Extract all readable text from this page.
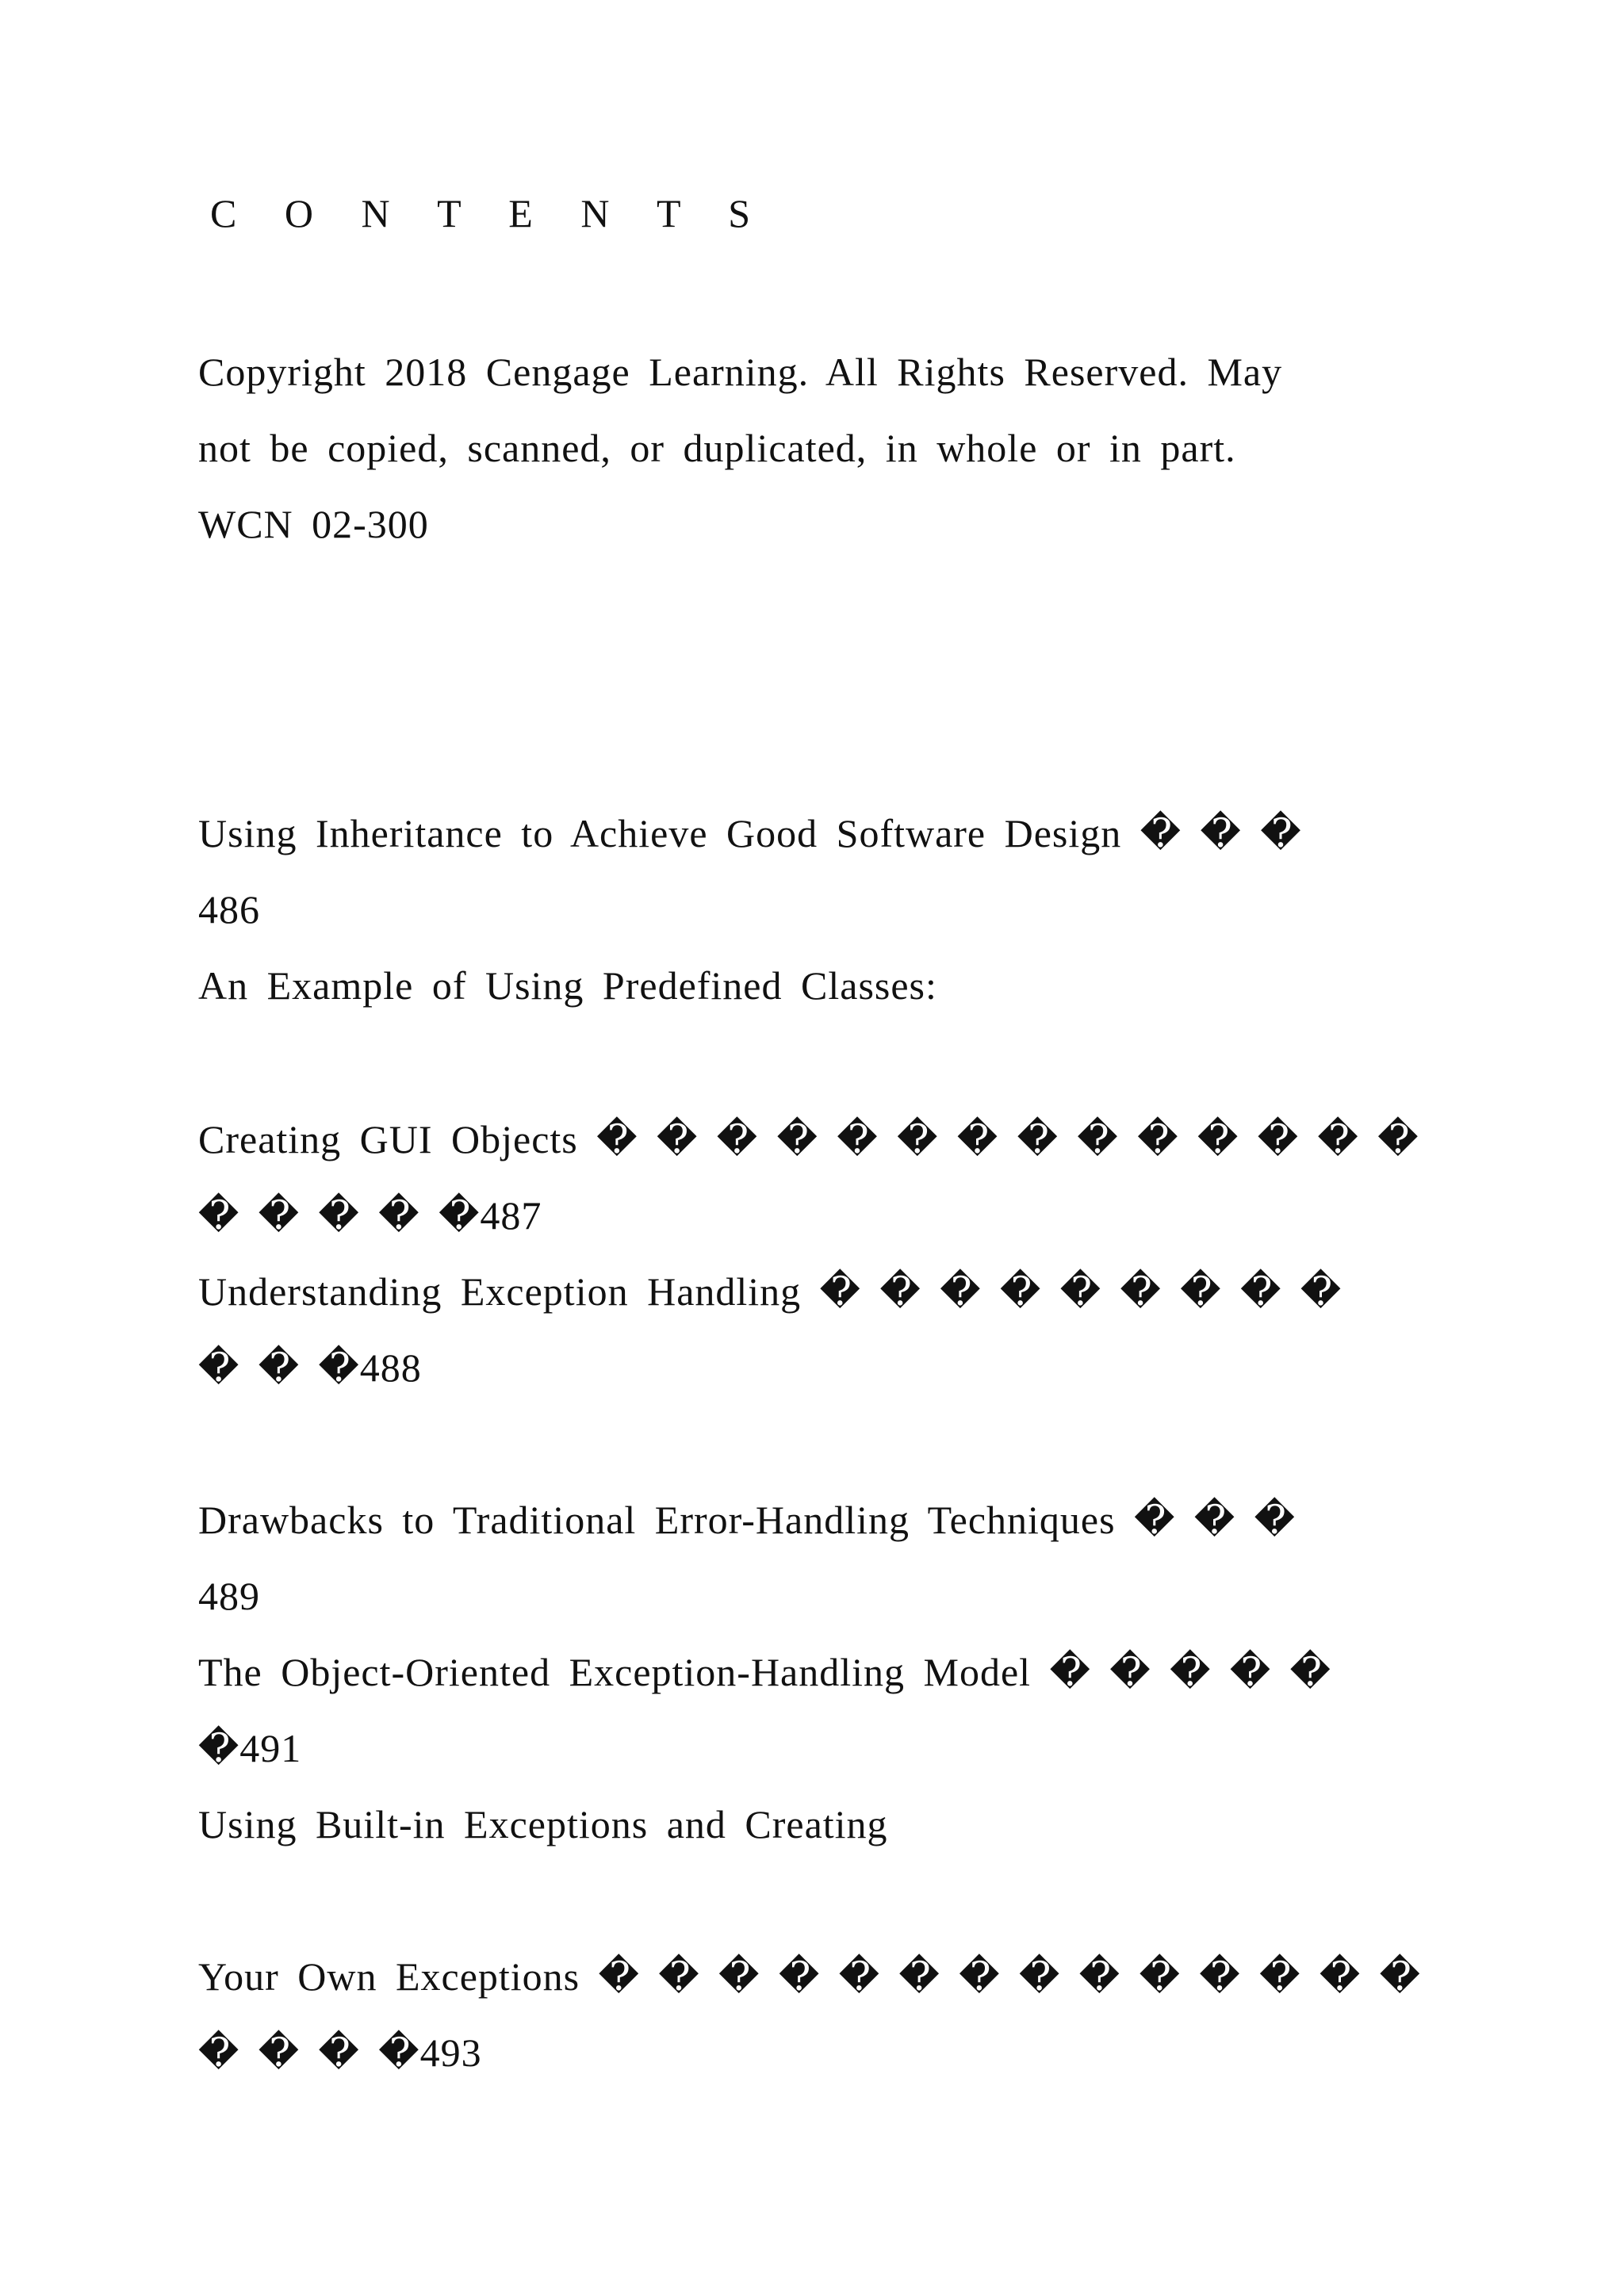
C O N T E N T S
Copyright 2018 Cengage Learning. All Rights Reserved. May
not be copied, scanned, or duplicated, in whole or in part.
WCN 02-300
Using Inheritance to Achieve Good Software Design � � �
486
An Example of Using Predefined Classes:
Creating GUI Objects � � � � � � � � � � � � � �
� � � � �487
Understanding Exception Handling � � � � � � � � �
� � �488
Drawbacks to Traditional Error-Handling Techniques � � �
489
The Object-Oriented Exception-Handling Model � � � � �
�491
Using Built-in Exceptions and Creating
Your Own Exceptions � � � � � � � � � � � � � �
� � � �493
